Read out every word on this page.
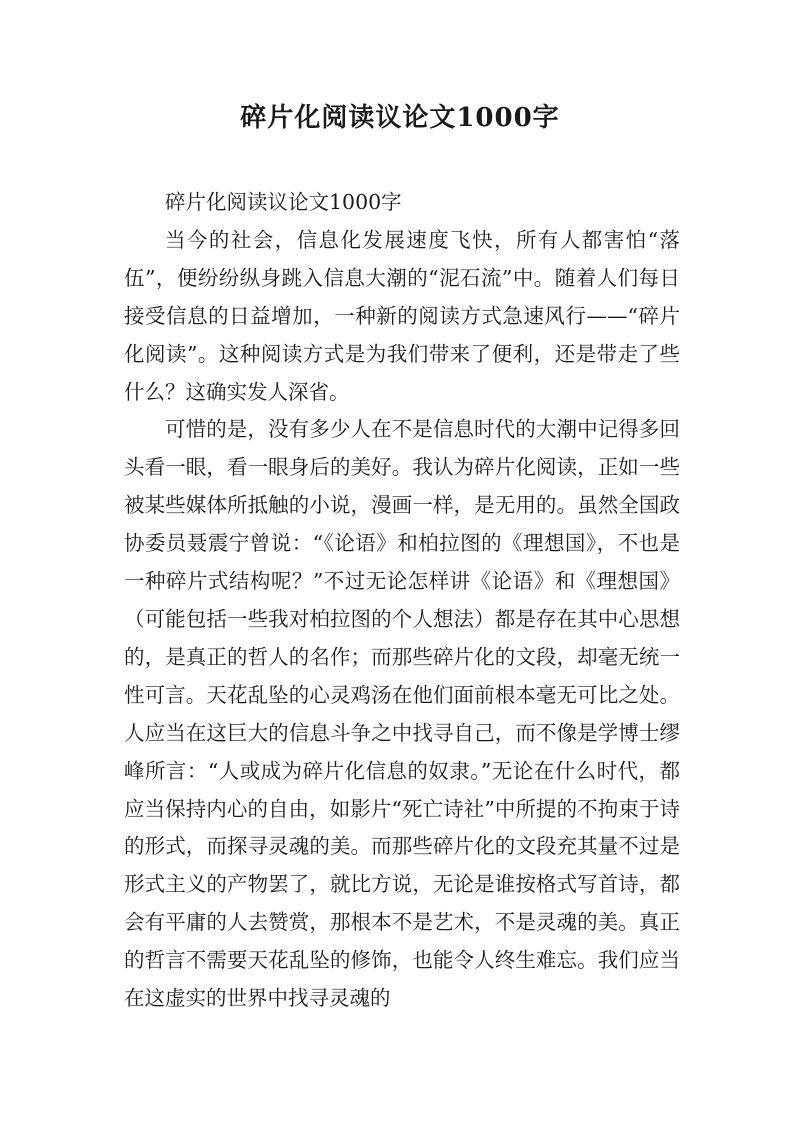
碎片化阅读议论文1000字

碎片化阅读议论文1000字

当今的社会，信息化发展速度飞快，所有人都害怕“落伍”，便纷纷纵身跳入信息大潮的“泥石流”中。随着人们每日接受信息的日益增加，一种新的阅读方式急速风行——“碎片化阅读”。这种阅读方式是为我们带来了便利，还是带走了些什么？这确实发人深省。

可惜的是，没有多少人在不是信息时代的大潮中记得多回头看一眼，看一眼身后的美好。我认为碎片化阅读，正如一些被某些媒体所抵触的小说，漫画一样，是无用的。虽然全国政协委员聂震宁曾说：“《论语》和柏拉图的《理想国》，不也是一种碎片式结构呢？”不过无论怎样讲《论语》和《理想国》（可能包括一些我对柏拉图的个人想法）都是存在其中心思想的，是真正的哲人的名作；而那些碎片化的文段，却毫无统一性可言。天花乱坠的心灵鸡汤在他们面前根本毫无可比之处。人应当在这巨大的信息斗争之中找寻自己，而不像是学博士缪峰所言：“人或成为碎片化信息的奴隶。”无论在什么时代，都应当保持内心的自由，如影片“死亡诗社”中所提的不拘束于诗的形式，而探寻灵魂的美。而那些碎片化的文段充其量不过是形式主义的产物罢了，就比方说，无论是谁按格式写首诗，都会有平庸的人去赞赏，那根本不是艺术，不是灵魂的美。真正的哲言不需要天花乱坠的修饰，也能令人终生难忘。我们应当在这虚实的世界中找寻灵魂的
